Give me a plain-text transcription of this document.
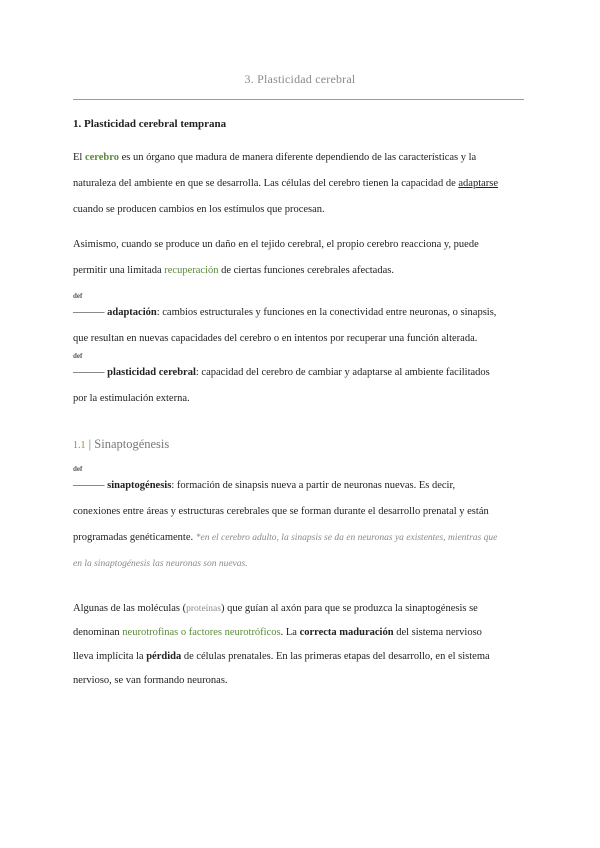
3. Plasticidad cerebral

1. Plasticidad cerebral temprana

El cerebro es un órgano que madura de manera diferente dependiendo de las características y la

naturaleza del ambiente en que se desarrolla. Las células del cerebro tienen la capacidad de adaptarse

cuando se producen cambios en los estímulos que procesan.

Asimismo, cuando se produce un daño en el tejido cerebral, el propio cerebro reacciona y, puede

permitir una limitada recuperación de ciertas funciones cerebrales afectadas.

def

——— adaptación: cambios estructurales y funciones en la conectividad entre neuronas, o sinapsis,

que resultan en nuevas capacidades del cerebro o en intentos por recuperar una función alterada.

def

——— plasticidad cerebral: capacidad del cerebro de cambiar y adaptarse al ambiente facilitados

por la estimulación externa.

1.1 | Sinaptogénesis

def

——— sinaptogénesis: formación de sinapsis nueva a partir de neuronas nuevas. Es decir,

conexiones entre áreas y estructuras cerebrales que se forman durante el desarrollo prenatal y están

programadas genéticamente. *en el cerebro adulto, la sinapsis se da en neuronas ya existentes, mientras que

en la sinaptogénesis las neuronas son nuevas.

Algunas de las moléculas (proteínas) que guían al axón para que se produzca la sinaptogénesis se

denominan neurotrofinas o factores neurotróficos. La correcta maduración del sistema nervioso

lleva implícita la pérdida de células prenatales. En las primeras etapas del desarrollo, en el sistema

nervioso, se van formando neuronas.
